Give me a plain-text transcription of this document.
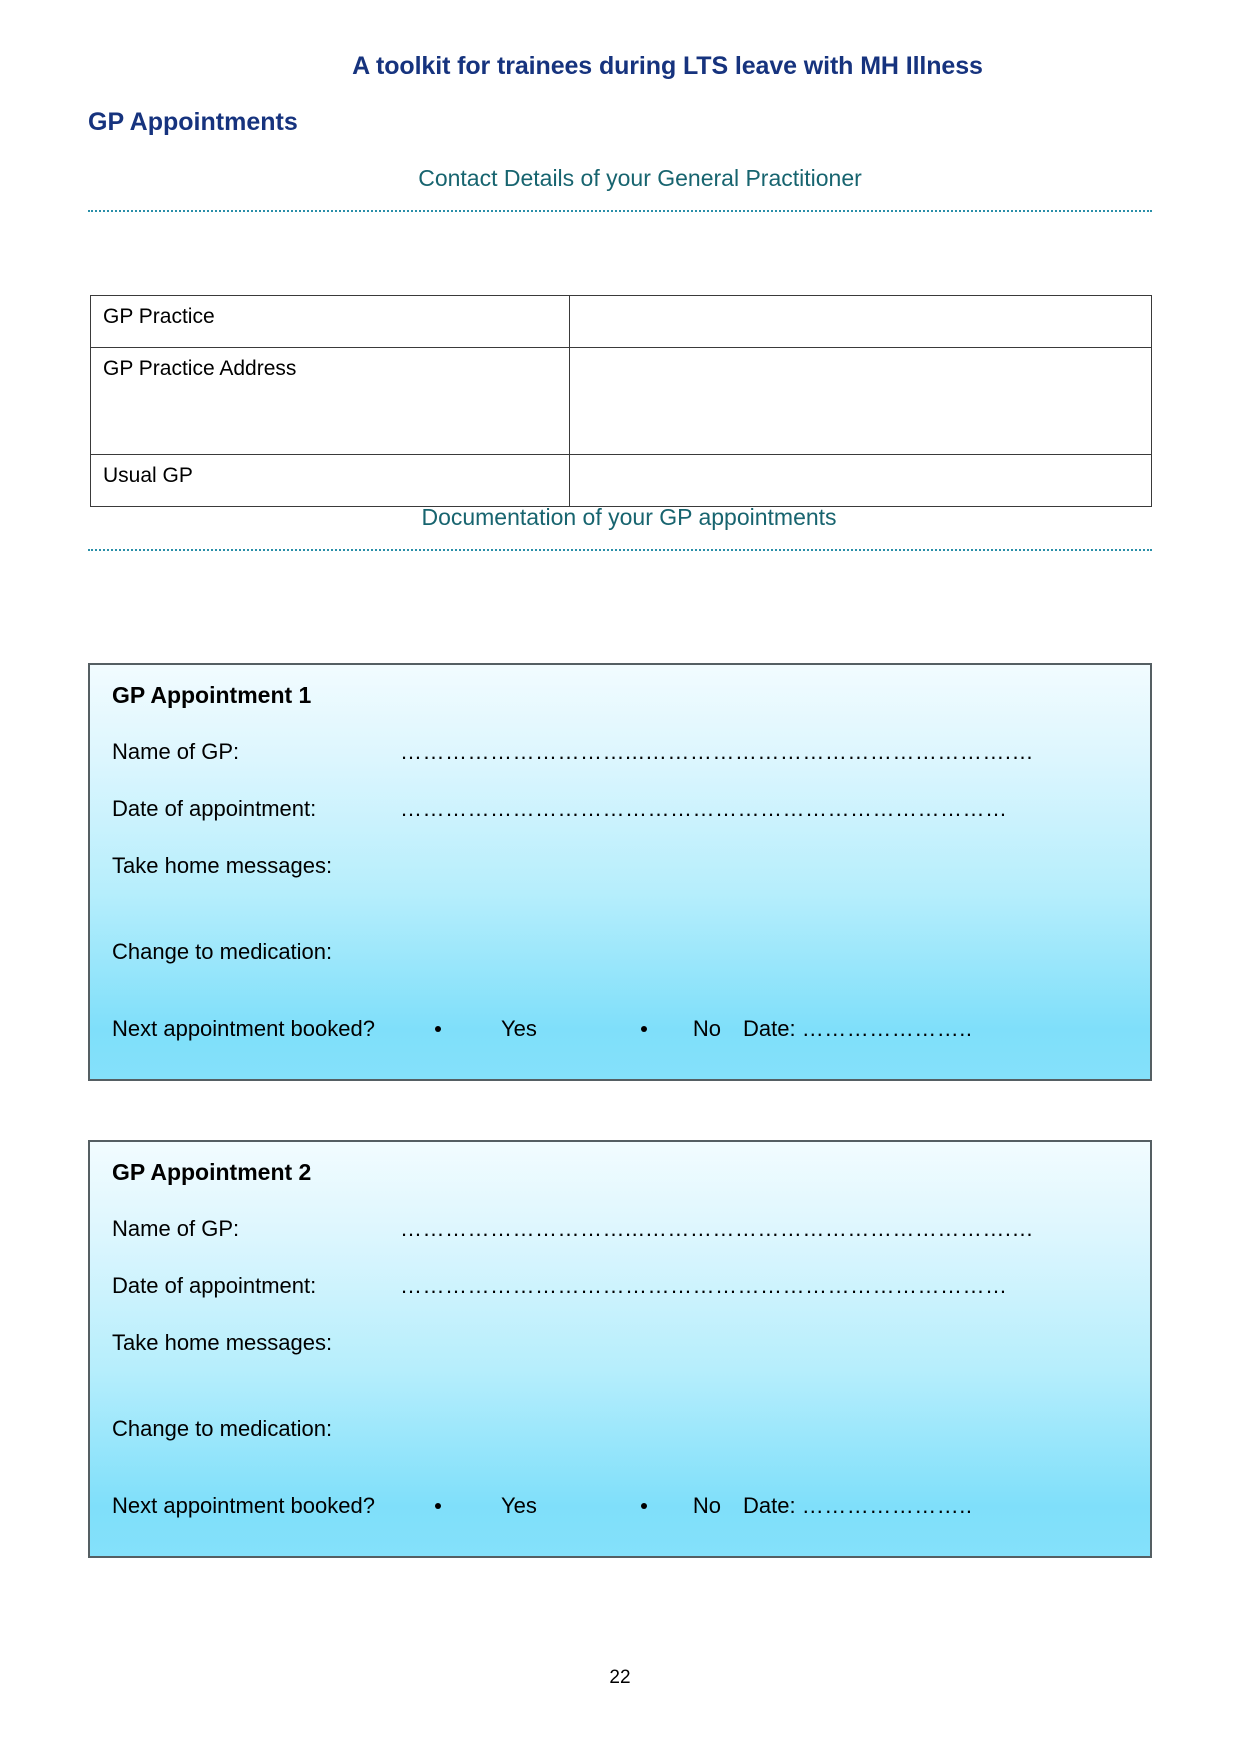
A toolkit for trainees during LTS leave with MH Illness
GP Appointments
Contact Details of your General Practitioner
GP Practice	
GP Practice Address	
Usual GP	
Documentation of your GP appointments
GP Appointment 1
Name of GP:	…………………………...………………………………………….…
Date of appointment:	………………………………………………………………………
Take home messages:
Change to medication:
Next appointment booked?	Yes	No Date: …………………..
GP Appointment 2
Name of GP:	…………………………...………………………………………….…
Date of appointment:	………………………………………………………………………
Take home messages:
Change to medication:
Next appointment booked?	Yes	No Date: …………………..
22
